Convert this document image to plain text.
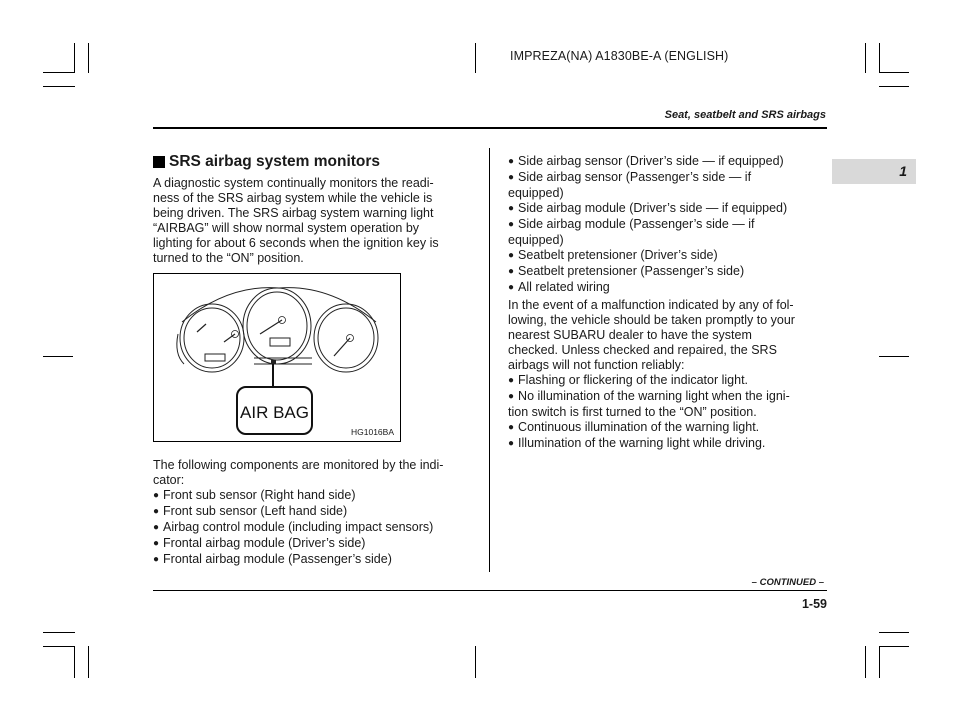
IMPREZA(NA) A1830BE-A (ENGLISH)
Seat, seatbelt and SRS airbags
1
SRS airbag system monitors
A diagnostic system continually monitors the readi-
ness of the SRS airbag system while the vehicle is
being driven. The SRS airbag system warning light
“AIRBAG” will show normal system operation by
lighting for about 6 seconds when the ignition key is
turned to the “ON” position.
AIR BAG
HG1016BA
The following components are monitored by the indi-
cator:
● Front sub sensor (Right hand side)
● Front sub sensor (Left hand side)
● Airbag control module (including impact sensors)
● Frontal airbag module (Driver’s side)
● Frontal airbag module (Passenger’s side)
● Side airbag sensor (Driver’s side — if equipped)
● Side airbag sensor (Passenger’s side — if
equipped)
● Side airbag module (Driver’s side — if equipped)
● Side airbag module (Passenger’s side — if
equipped)
● Seatbelt pretensioner (Driver’s side)
● Seatbelt pretensioner (Passenger’s side)
● All related wiring
In the event of a malfunction indicated by any of fol-
lowing, the vehicle should be taken promptly to your
nearest SUBARU dealer to have the system
checked. Unless checked and repaired, the SRS
airbags will not function reliably:
● Flashing or flickering of the indicator light.
● No illumination of the warning light when the igni-
tion switch is first turned to the “ON” position.
● Continuous illumination of the warning light.
● Illumination of the warning light while driving.
– CONTINUED –
1-59
